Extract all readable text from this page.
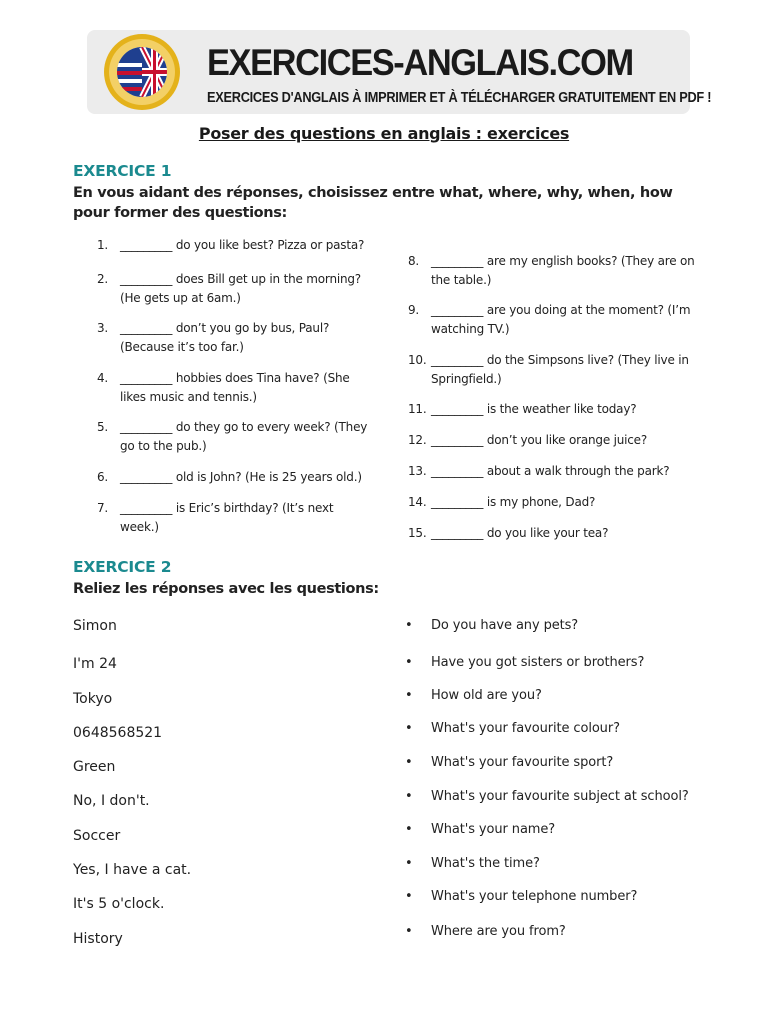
EXERCICES-ANGLAIS.COM
EXERCICES D'ANGLAIS À IMPRIMER ET À TÉLÉCHARGER GRATUITEMENT EN PDF !
Poser des questions en anglais : exercices
EXERCICE 1
En vous aidant des réponses, choisissez entre what, where, why, when, how pour former des questions:
1. _________ do you like best? Pizza or pasta?
2. _________ does Bill get up in the morning? (He gets up at 6am.)
3. _________ don’t you go by bus, Paul? (Because it’s too far.)
4. _________ hobbies does Tina have? (She likes music and tennis.)
5. _________ do they go to every week? (They go to the pub.)
6. _________ old is John? (He is 25 years old.)
7. _________ is Eric’s birthday? (It’s next week.)
8. _________ are my english books? (They are on the table.)
9. _________ are you doing at the moment? (I’m watching TV.)
10. _________ do the Simpsons live? (They live in Springfield.)
11. _________ is the weather like today?
12. _________ don’t you like orange juice?
13. _________ about a walk through the park?
14. _________ is my phone, Dad?
15. _________ do you like your tea?
EXERCICE 2
Reliez les réponses avec les questions:
Simon
I'm 24
Tokyo
0648568521
Green
No, I don't.
Soccer
Yes, I have a cat.
It's 5 o'clock.
History
• Do you have any pets?
• Have you got sisters or brothers?
• How old are you?
• What's your favourite colour?
• What's your favourite sport?
• What's your favourite subject at school?
• What's your name?
• What's the time?
• What's your telephone number?
• Where are you from?
